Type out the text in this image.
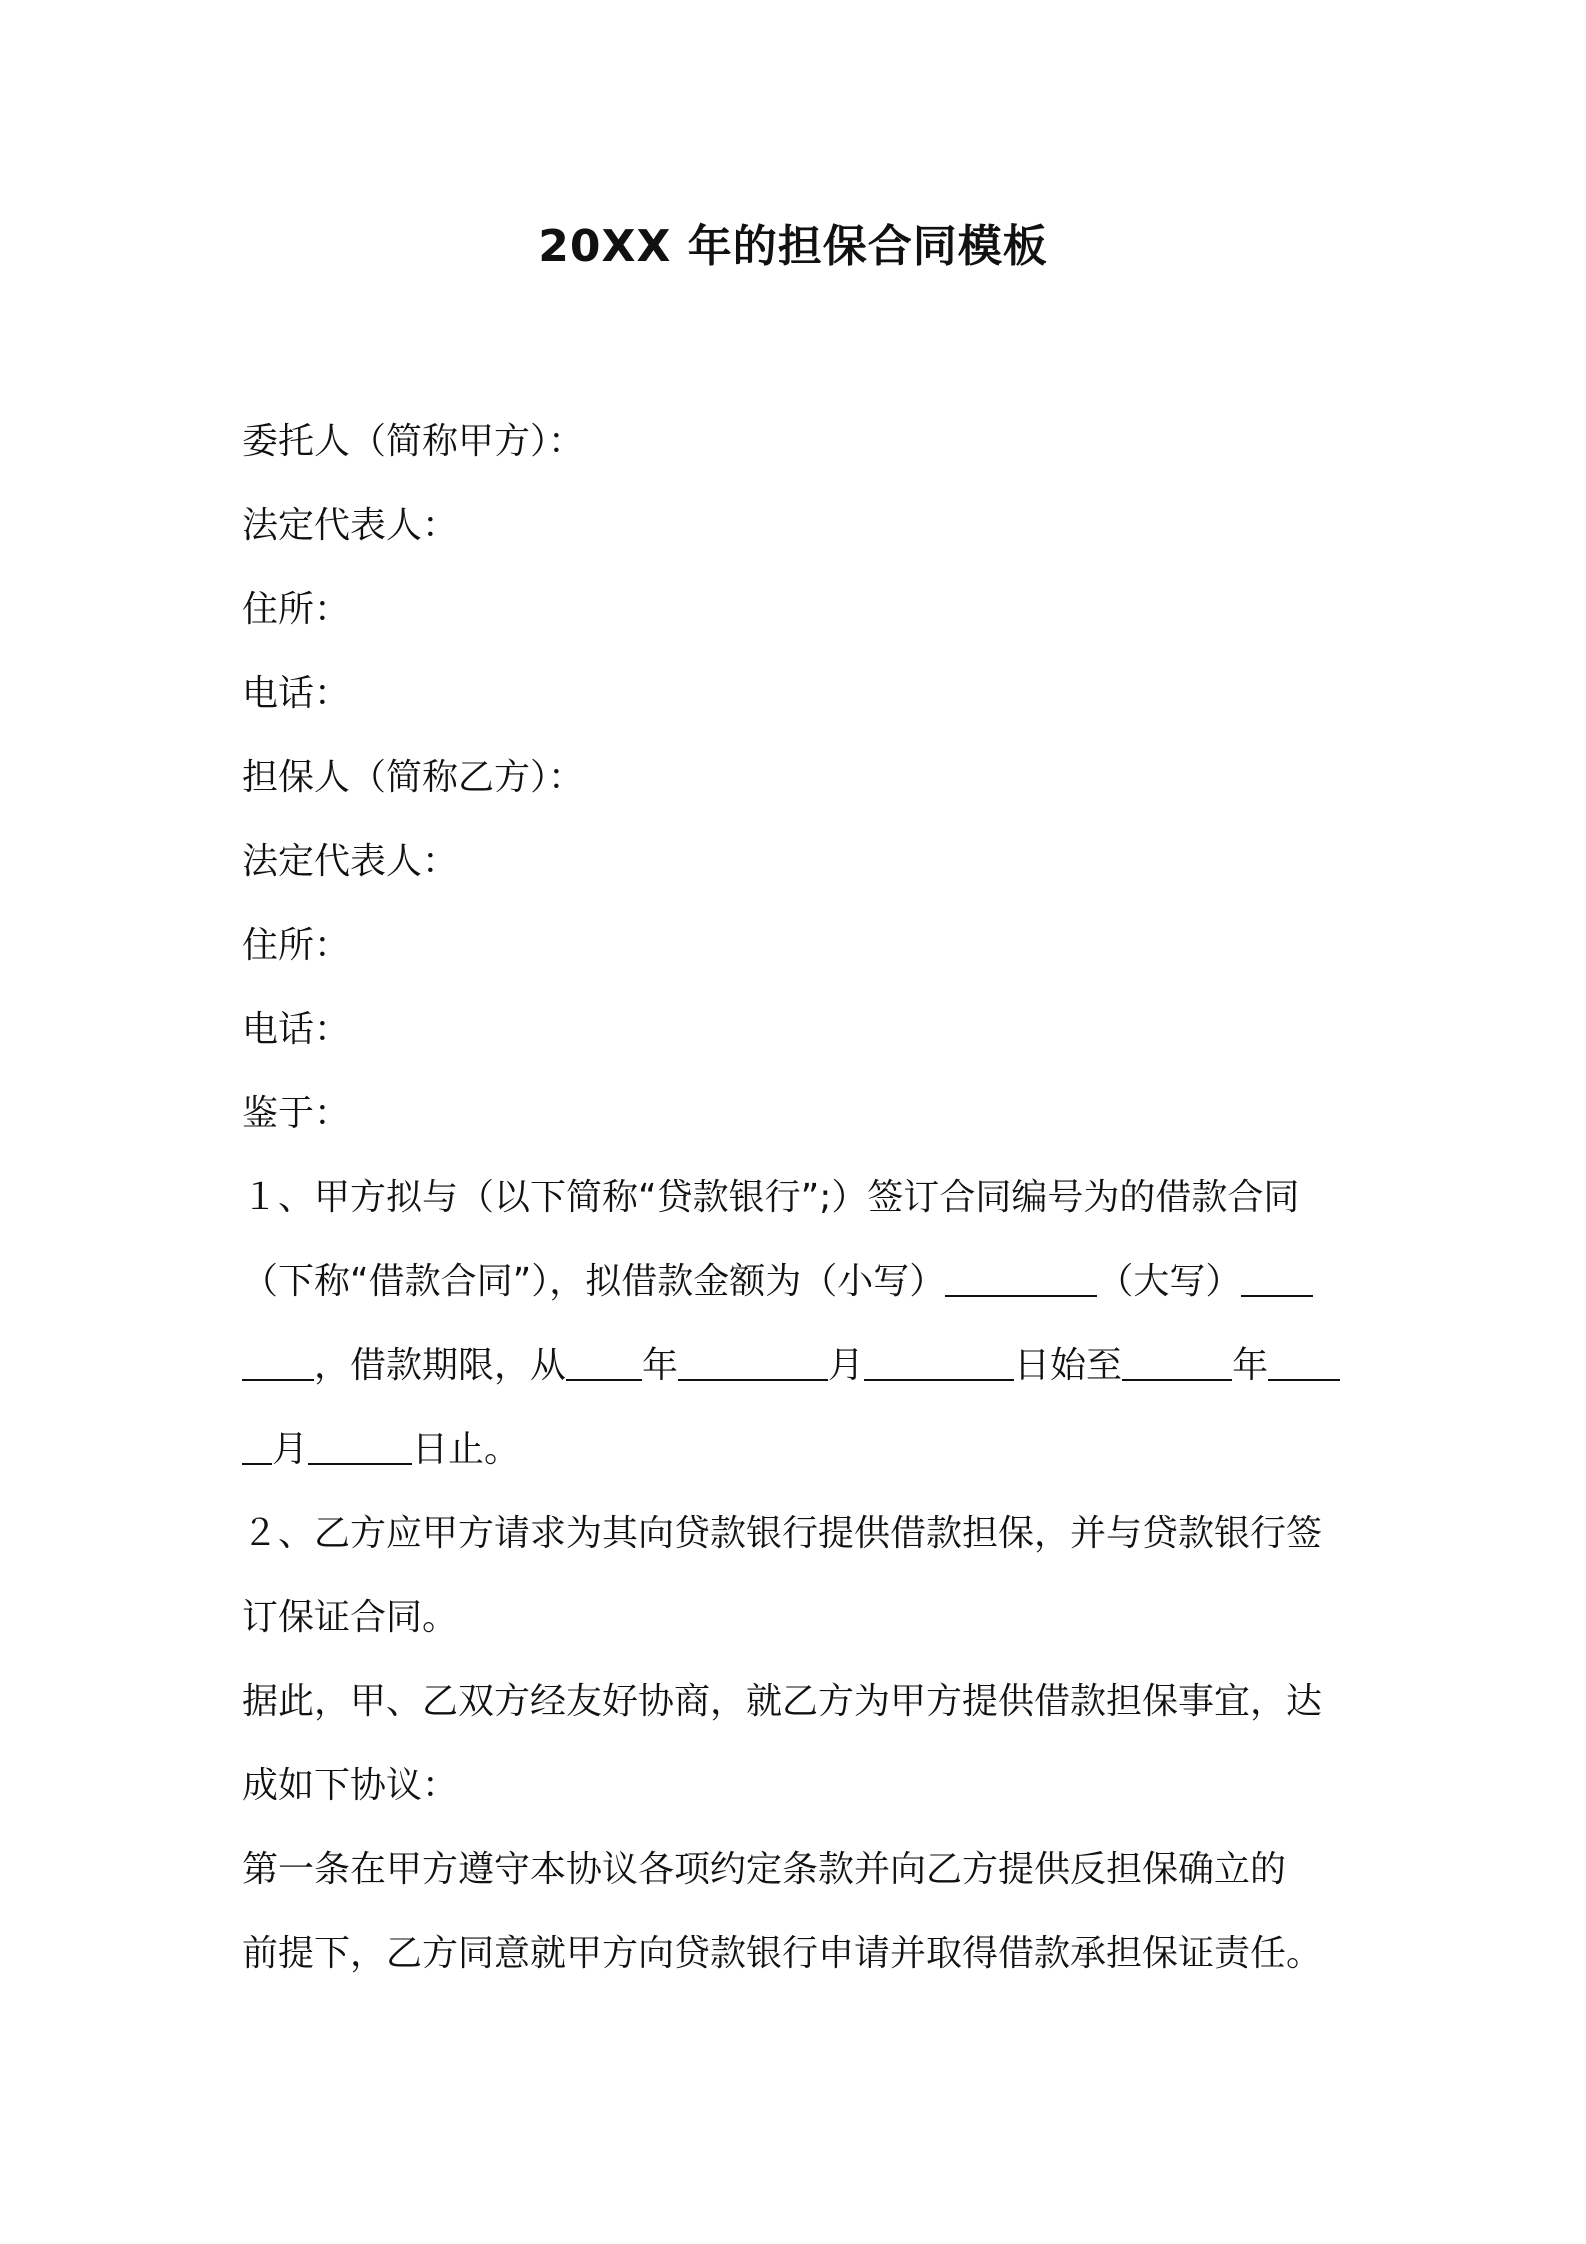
20XX 年的担保合同模板
委托人（简称甲方）：
法定代表人：
住所：
电话：
担保人（简称乙方）：
法定代表人：
住所：
电话：
鉴于：
１、甲方拟与（以下简称“贷款银行”;）签订合同编号为的借款合同
（下称“借款合同”），拟借款金额为（小写）	（大写）
，借款期限，从 年	月	日始至	年
月	日止。
２、乙方应甲方请求为其向贷款银行提供借款担保，并与贷款银行签
订保证合同。
据此，甲、乙双方经友好协商，就乙方为甲方提供借款担保事宜，达
成如下协议：
第一条在甲方遵守本协议各项约定条款并向乙方提供反担保确立的
前提下，乙方同意就甲方向贷款银行申请并取得借款承担保证责任。
